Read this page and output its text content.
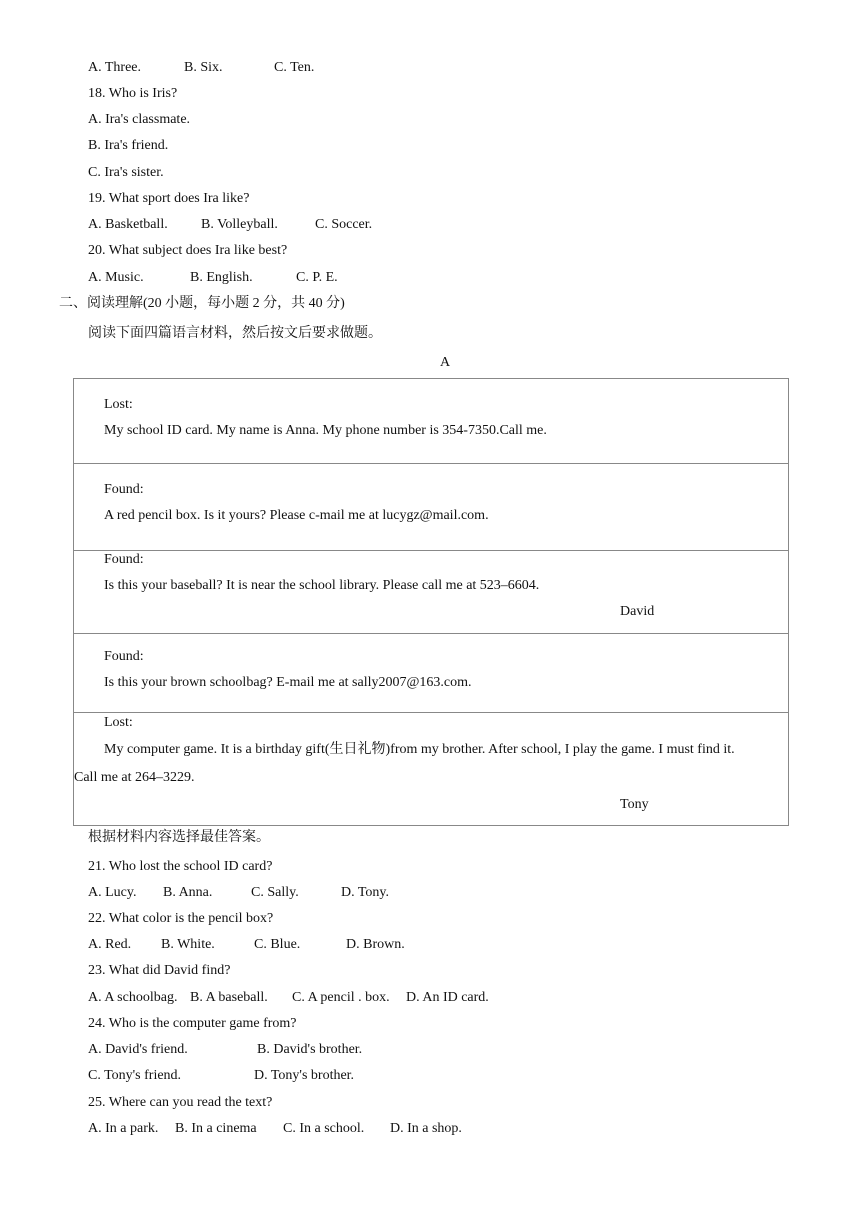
A. Three.	B. Six.	C. Ten.
18. Who is Iris?
A. Ira's classmate.
B. Ira's friend.
C. Ira's sister.
19. What sport does Ira like?
A. Basketball. B. Volleyball.	C. Soccer.
20. What subject does Ira like best?
A. Music.	B. English.	C. P. E.
二、阅读理解(20 小题，每小题 2 分，共 40 分)
阅读下面四篇语言材料，然后按文后要求做题。
A
Lost:
My school ID card. My name is Anna. My phone number is 354-7350.Call me.
Found:
A red pencil box. Is it yours? Please c-mail me at lucygz@mail.com.
Found:
Is this your baseball? It is near the school library. Please call me at 523–6604.
David
Found:
Is this your brown schoolbag? E-mail me at sally2007@163.com.
Lost:
My computer game. It is a birthday gift(生日礼物)from my brother. After school, I play the game. I must find it.
Call me at 264–3229.
Tony
根据材料内容选择最佳答案。
21. Who lost the school ID card?
A. Lucy. B. Anna.	C. Sally.	D. Tony.
22. What color is the pencil box?
A. Red. B. White.	C. Blue.	D. Brown.
23. What did David find?
A. A schoolbag. B. A baseball. C. A pencil . box. D. An ID card.
24. Who is the computer game from?
A. David's friend.	B. David's brother.
C. Tony's friend.	D. Tony's brother.
25. Where can you read the text?
A. In a park. B. In a cinema C. In a school. D. In a shop.
